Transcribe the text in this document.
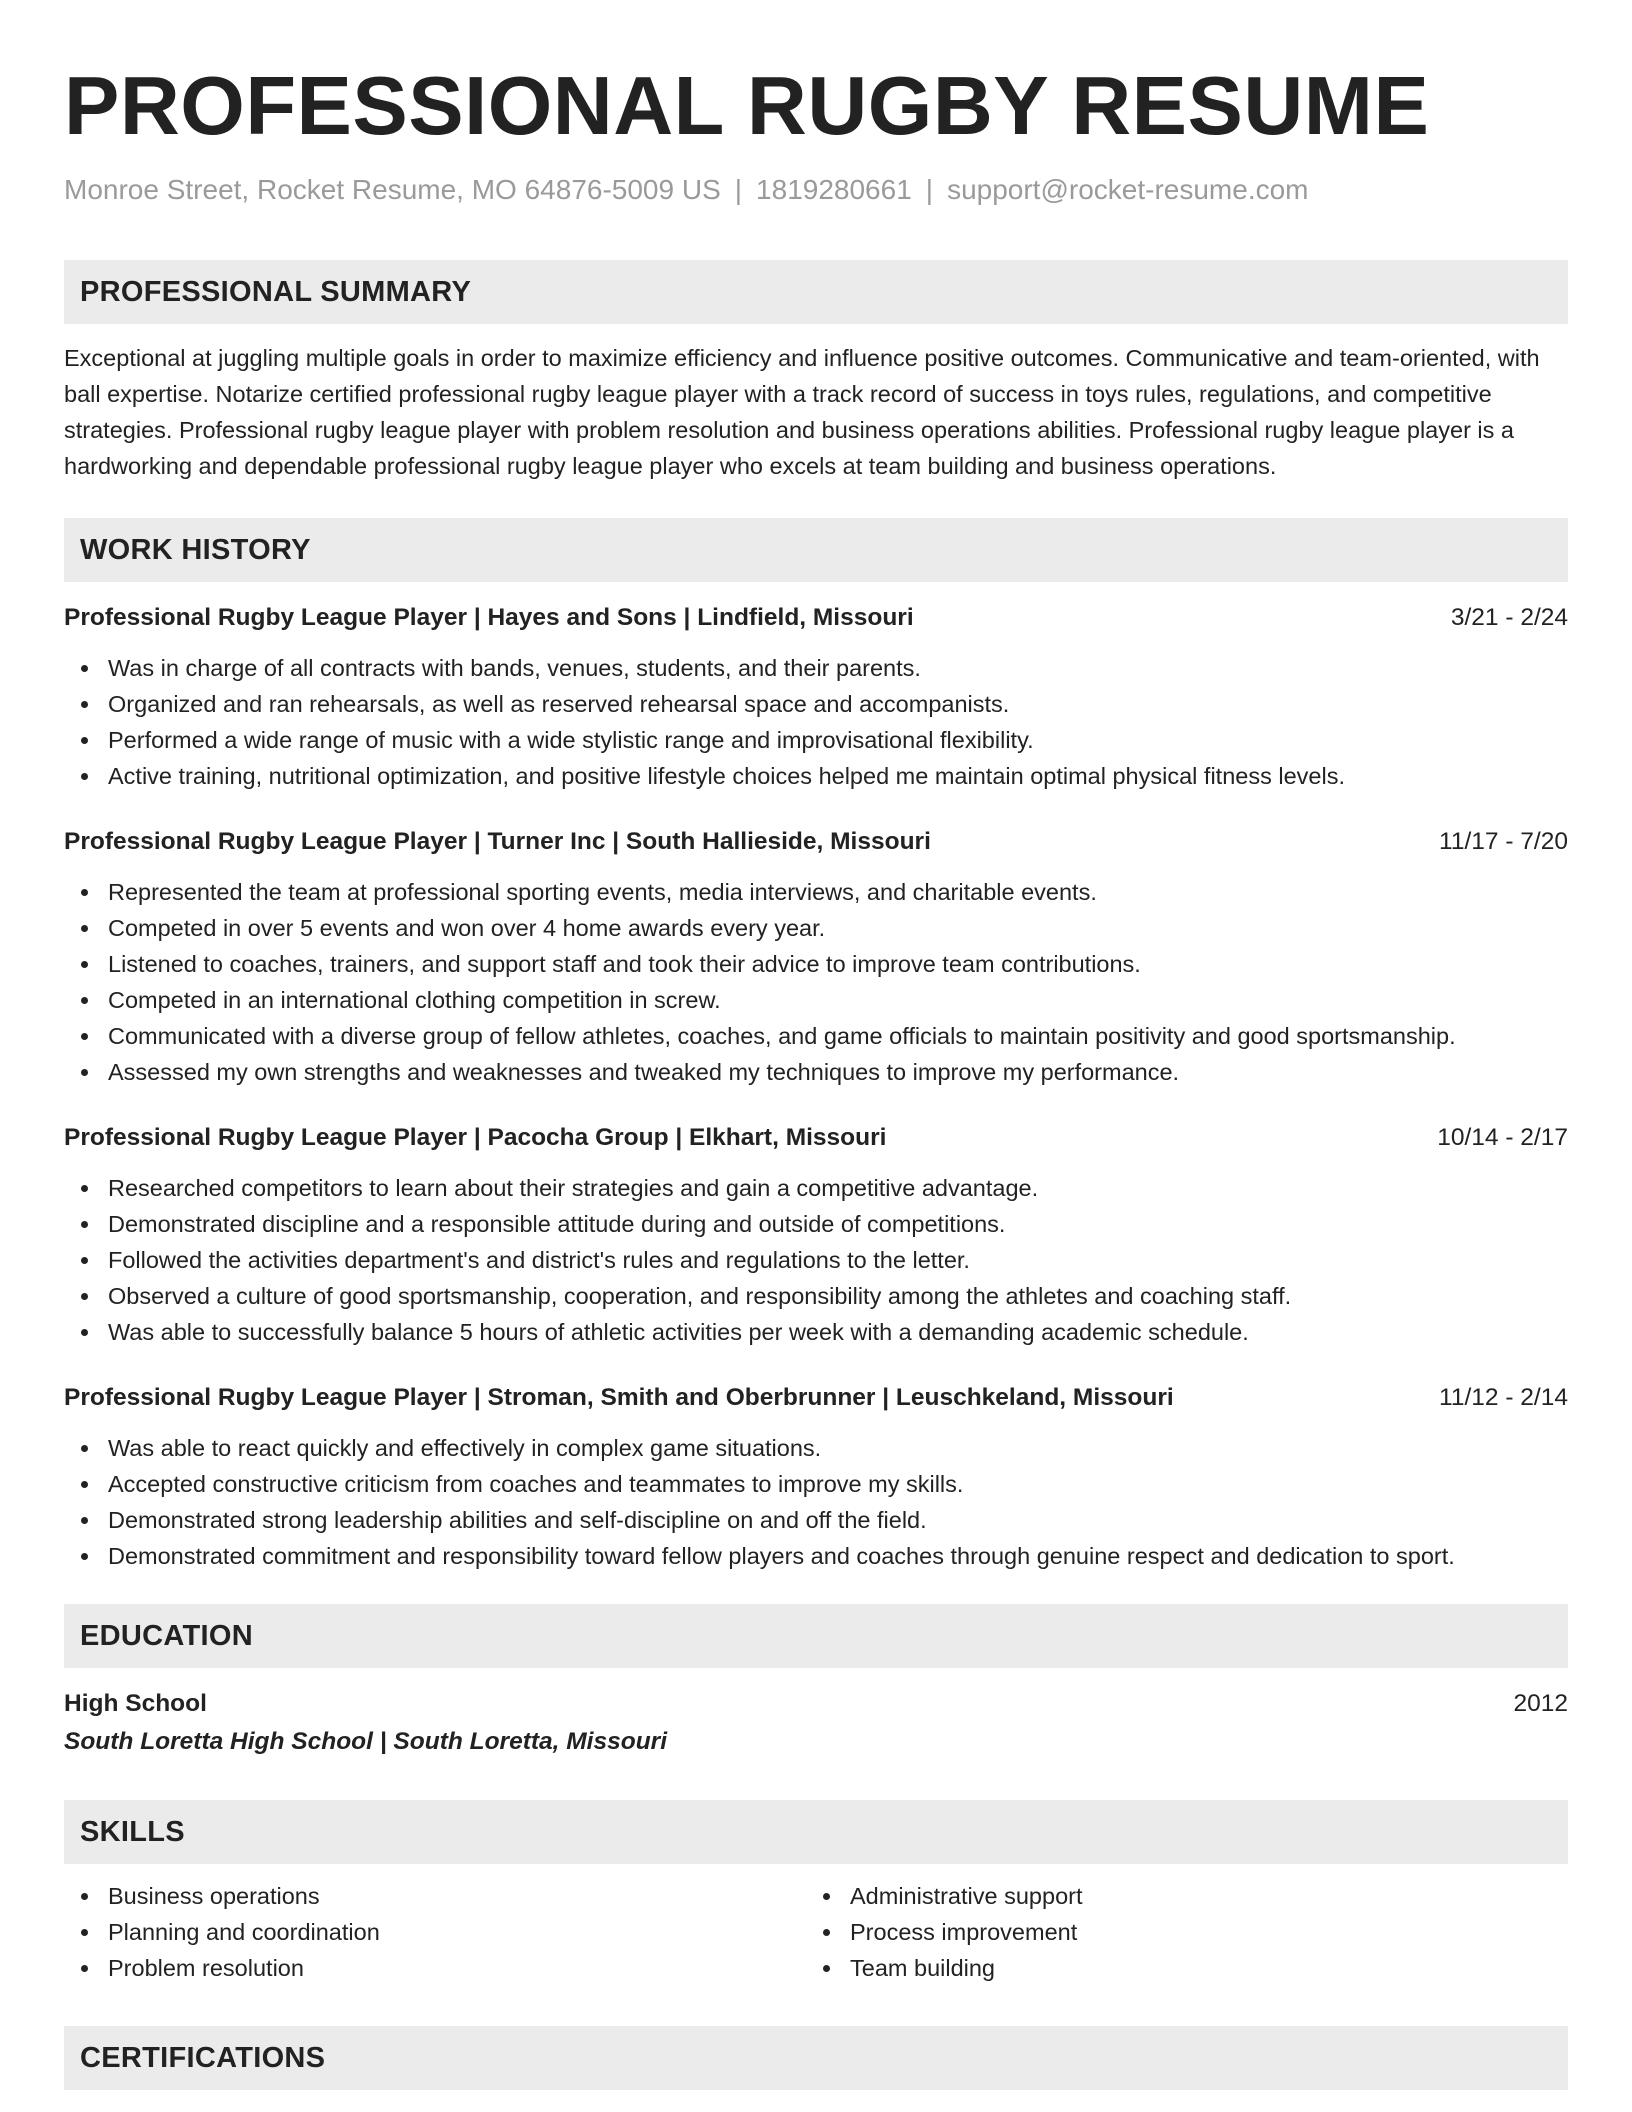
PROFESSIONAL RUGBY RESUME
Monroe Street, Rocket Resume, MO 64876-5009 US | 1819280661 | support@rocket-resume.com
PROFESSIONAL SUMMARY
Exceptional at juggling multiple goals in order to maximize efficiency and influence positive outcomes. Communicative and team-oriented, with ball expertise. Notarize certified professional rugby league player with a track record of success in toys rules, regulations, and competitive strategies. Professional rugby league player with problem resolution and business operations abilities. Professional rugby league player is a hardworking and dependable professional rugby league player who excels at team building and business operations.
WORK HISTORY
Professional Rugby League Player | Hayes and Sons | Lindfield, Missouri	3/21 - 2/24
Was in charge of all contracts with bands, venues, students, and their parents.
Organized and ran rehearsals, as well as reserved rehearsal space and accompanists.
Performed a wide range of music with a wide stylistic range and improvisational flexibility.
Active training, nutritional optimization, and positive lifestyle choices helped me maintain optimal physical fitness levels.
Professional Rugby League Player | Turner Inc | South Hallieside, Missouri	11/17 - 7/20
Represented the team at professional sporting events, media interviews, and charitable events.
Competed in over 5 events and won over 4 home awards every year.
Listened to coaches, trainers, and support staff and took their advice to improve team contributions.
Competed in an international clothing competition in screw.
Communicated with a diverse group of fellow athletes, coaches, and game officials to maintain positivity and good sportsmanship.
Assessed my own strengths and weaknesses and tweaked my techniques to improve my performance.
Professional Rugby League Player | Pacocha Group | Elkhart, Missouri	10/14 - 2/17
Researched competitors to learn about their strategies and gain a competitive advantage.
Demonstrated discipline and a responsible attitude during and outside of competitions.
Followed the activities department's and district's rules and regulations to the letter.
Observed a culture of good sportsmanship, cooperation, and responsibility among the athletes and coaching staff.
Was able to successfully balance 5 hours of athletic activities per week with a demanding academic schedule.
Professional Rugby League Player | Stroman, Smith and Oberbrunner | Leuschkeland, Missouri	11/12 - 2/14
Was able to react quickly and effectively in complex game situations.
Accepted constructive criticism from coaches and teammates to improve my skills.
Demonstrated strong leadership abilities and self-discipline on and off the field.
Demonstrated commitment and responsibility toward fellow players and coaches through genuine respect and dedication to sport.
EDUCATION
High School	2012
South Loretta High School | South Loretta, Missouri
SKILLS
Business operations
Planning and coordination
Problem resolution
Administrative support
Process improvement
Team building
CERTIFICATIONS
